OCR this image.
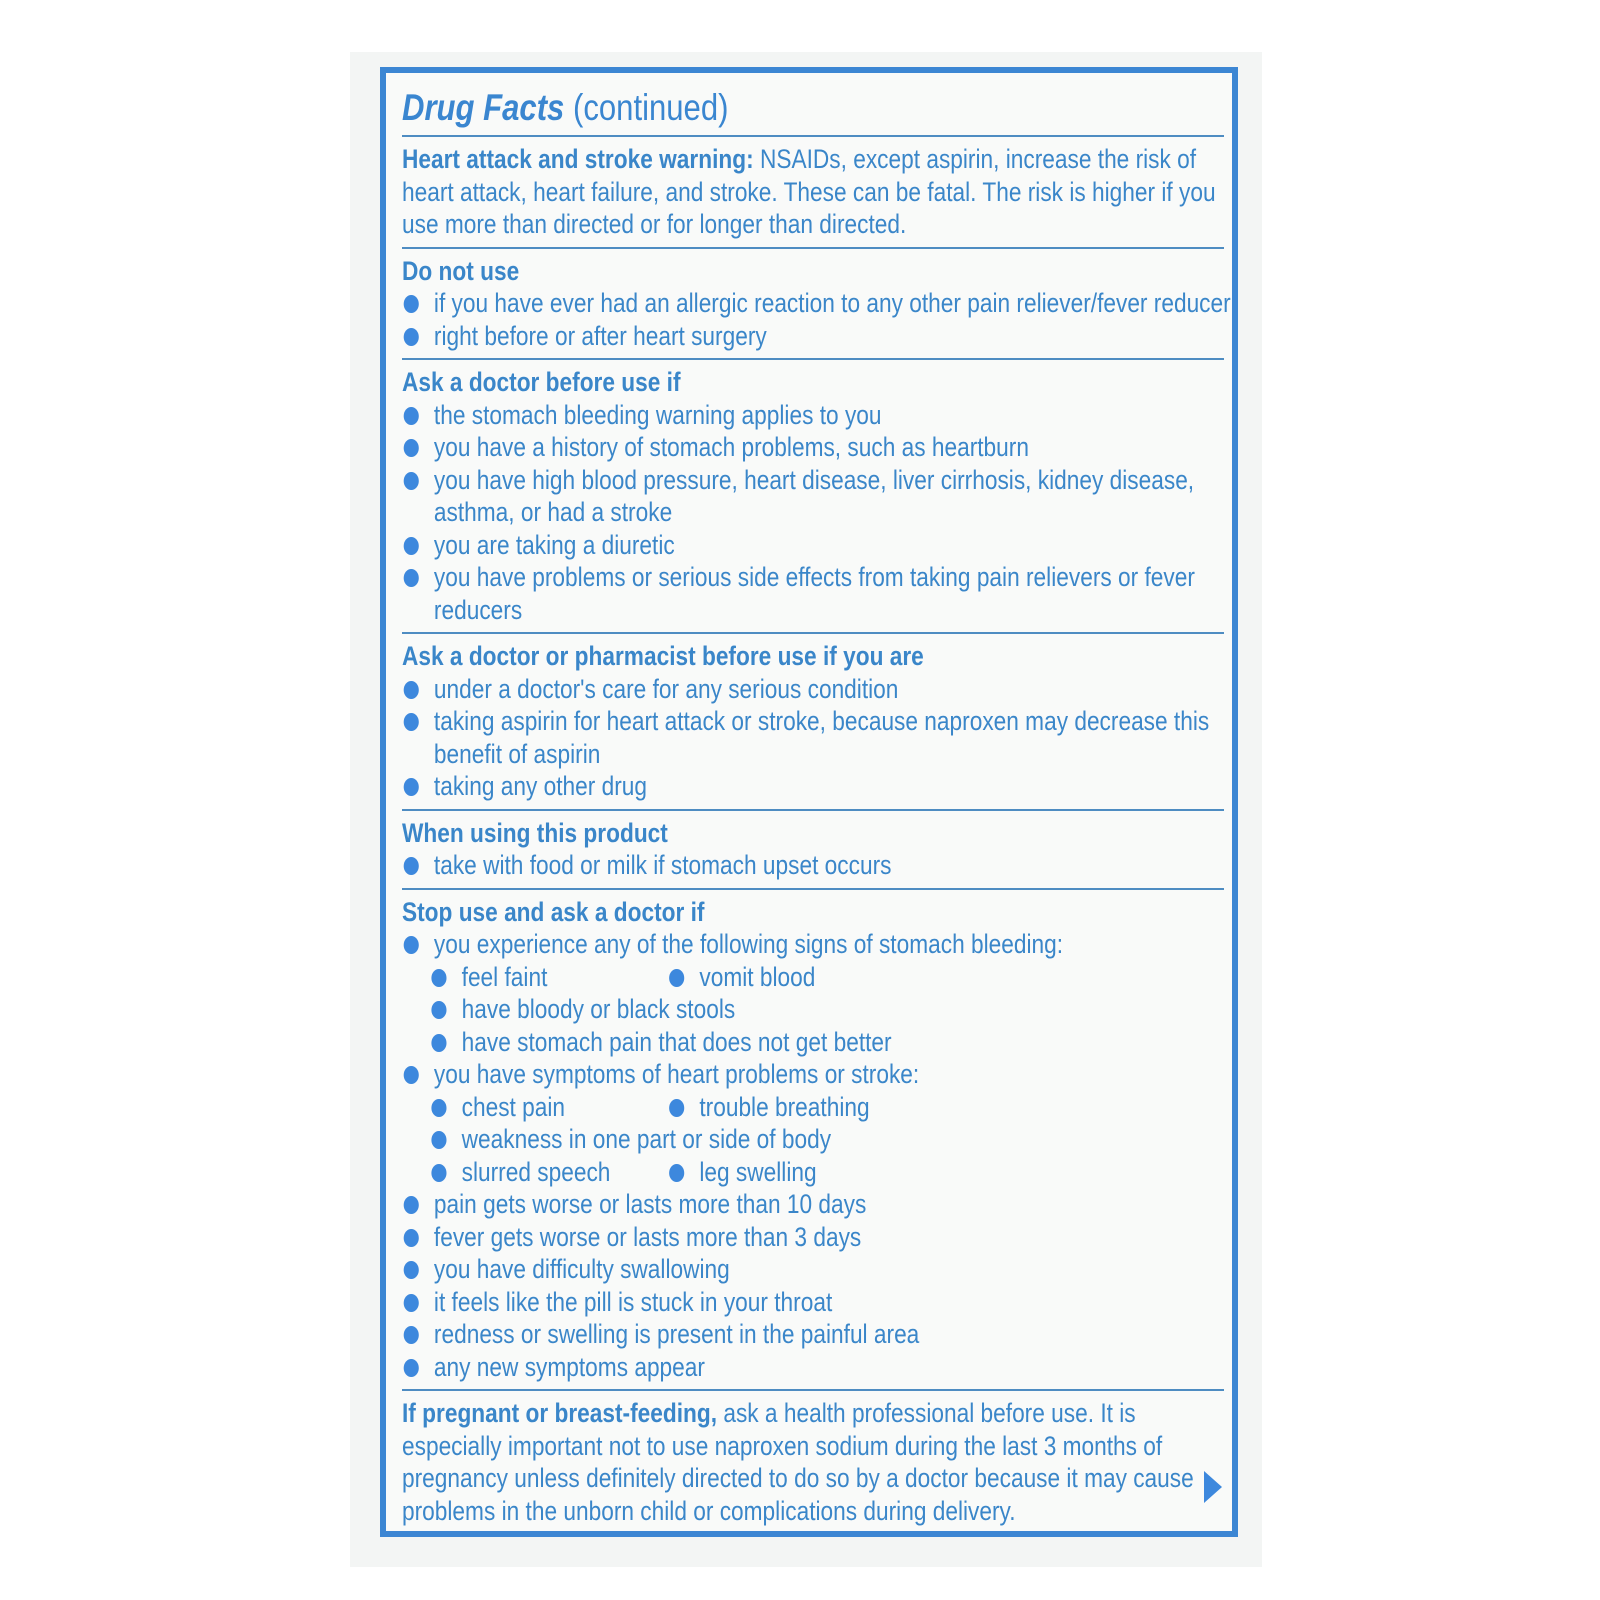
Drug Facts (continued)
Heart attack and stroke warning: NSAIDs, except aspirin, increase the risk of
heart attack, heart failure, and stroke. These can be fatal. The risk is higher if you
use more than directed or for longer than directed.
Do not use
if you have ever had an allergic reaction to any other pain reliever/fever reducer
right before or after heart surgery
Ask a doctor before use if
the stomach bleeding warning applies to you
you have a history of stomach problems, such as heartburn
you have high blood pressure, heart disease, liver cirrhosis, kidney disease,
asthma, or had a stroke
you are taking a diuretic
you have problems or serious side effects from taking pain relievers or fever
reducers
Ask a doctor or pharmacist before use if you are
under a doctor's care for any serious condition
taking aspirin for heart attack or stroke, because naproxen may decrease this
benefit of aspirin
taking any other drug
When using this product
take with food or milk if stomach upset occurs
Stop use and ask a doctor if
you experience any of the following signs of stomach bleeding:
feel faint	vomit blood
have bloody or black stools
have stomach pain that does not get better
you have symptoms of heart problems or stroke:
chest pain	trouble breathing
weakness in one part or side of body
slurred speech	leg swelling
pain gets worse or lasts more than 10 days
fever gets worse or lasts more than 3 days
you have difficulty swallowing
it feels like the pill is stuck in your throat
redness or swelling is present in the painful area
any new symptoms appear
If pregnant or breast-feeding, ask a health professional before use. It is
especially important not to use naproxen sodium during the last 3 months of
pregnancy unless definitely directed to do so by a doctor because it may cause
problems in the unborn child or complications during delivery.
